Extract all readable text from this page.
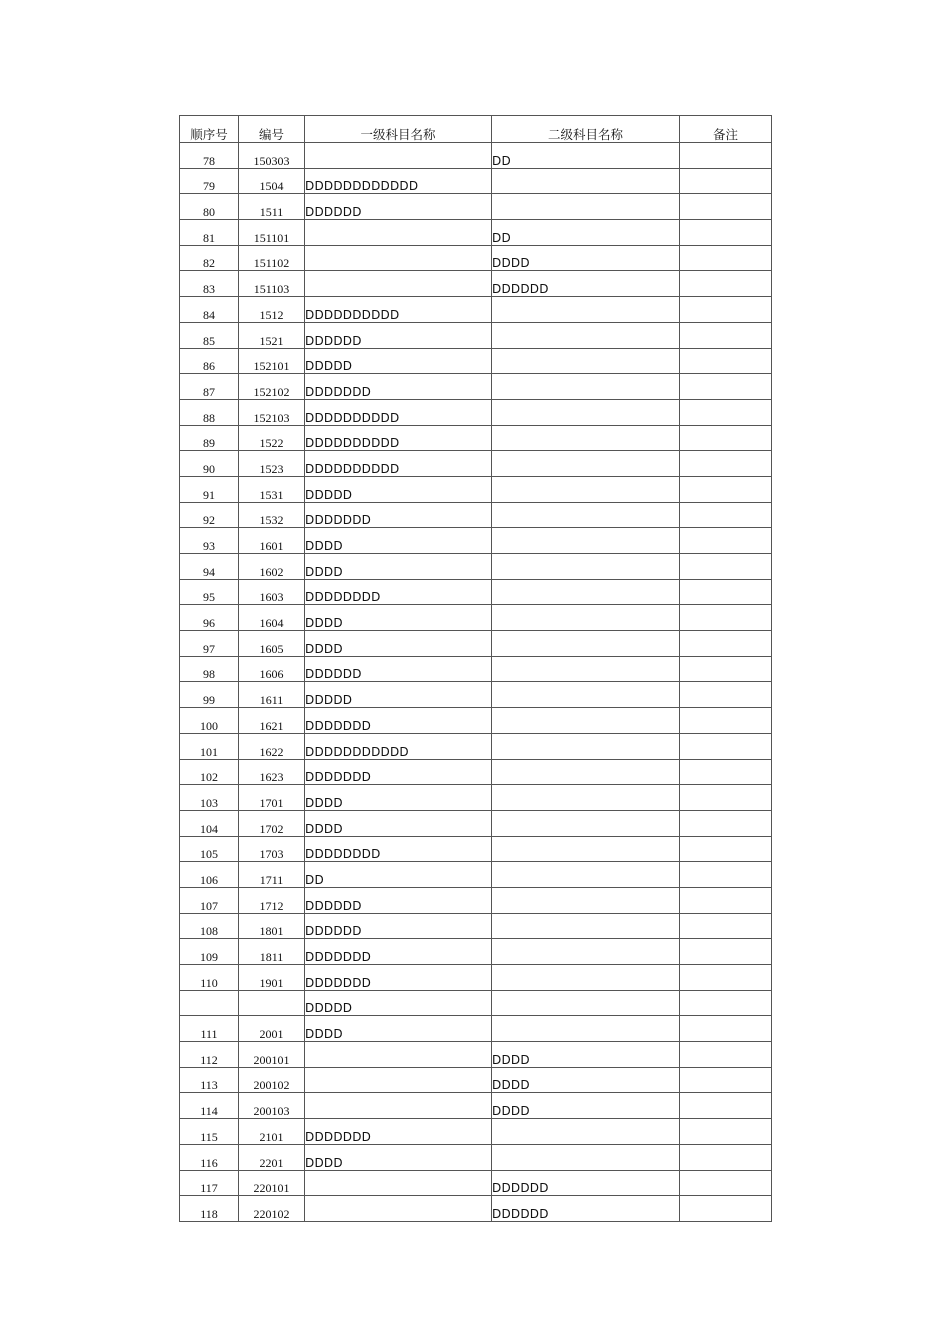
顺序号	编号	一级科目名称	二级科目名称	备注
78	150303		DD	
79	1504	DDDDDDDDDDDD		
80	1511	DDDDDD		
81	151101		DD	
82	151102		DDDD	
83	151103		DDDDDD	
84	1512	DDDDDDDDDD		
85	1521	DDDDDD		
86	152101	DDDDD		
87	152102	DDDDDDD		
88	152103	DDDDDDDDDD		
89	1522	DDDDDDDDDD		
90	1523	DDDDDDDDDD		
91	1531	DDDDD		
92	1532	DDDDDDD		
93	1601	DDDD		
94	1602	DDDD		
95	1603	DDDDDDDD		
96	1604	DDDD		
97	1605	DDDD		
98	1606	DDDDDD		
99	1611	DDDDD		
100	1621	DDDDDDD		
101	1622	DDDDDDDDDDD		
102	1623	DDDDDDD		
103	1701	DDDD		
104	1702	DDDD		
105	1703	DDDDDDDD		
106	1711	DD		
107	1712	DDDDDD		
108	1801	DDDDDD		
109	1811	DDDDDDD		
110	1901	DDDDDDD		
		DDDDD		
111	2001	DDDD		
112	200101		DDDD	
113	200102		DDDD	
114	200103		DDDD	
115	2101	DDDDDDD		
116	2201	DDDD		
117	220101		DDDDDD	
118	220102		DDDDDD	
